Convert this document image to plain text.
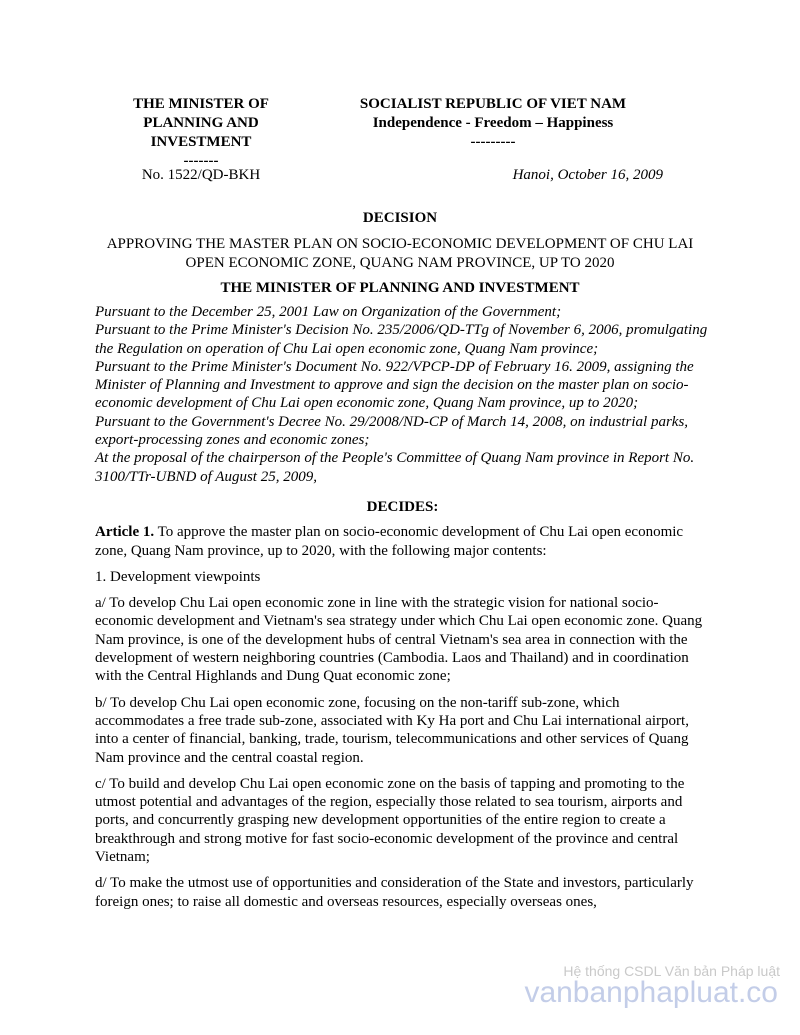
THE MINISTER OF
PLANNING AND
INVESTMENT
-------
SOCIALIST REPUBLIC OF VIET NAM
Independence - Freedom – Happiness
---------
No. 1522/QD-BKH	Hanoi, October 16, 2009
DECISION
APPROVING THE MASTER PLAN ON SOCIO-ECONOMIC DEVELOPMENT OF CHU LAI OPEN ECONOMIC ZONE, QUANG NAM PROVINCE, UP TO 2020
THE MINISTER OF PLANNING AND INVESTMENT

Pursuant to the December 25, 2001 Law on Organization of the Government;

Pursuant to the Prime Minister's Decision No. 235/2006/QD-TTg of November 6, 2006, promulgating the Regulation on operation of Chu Lai open economic zone, Quang Nam province;

Pursuant to the Prime Minister's Document No. 922/VPCP-DP of February 16. 2009, assigning the Minister of Planning and Investment to approve and sign the decision on the master plan on socio-economic development of Chu Lai open economic zone, Quang Nam province, up to 2020;

Pursuant to the Government's Decree No. 29/2008/ND-CP of March 14, 2008, on industrial parks, export-processing zones and economic zones;

At the proposal of the chairperson of the People's Committee of Quang Nam province in Report No. 3100/TTr-UBND of August 25, 2009,

DECIDES:

Article 1. To approve the master plan on socio-economic development of Chu Lai open economic zone, Quang Nam province, up to 2020, with the following major contents:

1. Development viewpoints

a/ To develop Chu Lai open economic zone in line with the strategic vision for national socio-economic development and Vietnam's sea strategy under which Chu Lai open economic zone. Quang Nam province, is one of the development hubs of central Vietnam's sea area in connection with the development of western neighboring countries (Cambodia. Laos and Thailand) and in coordination with the Central Highlands and Dung Quat economic zone;

b/ To develop Chu Lai open economic zone, focusing on the non-tariff sub-zone, which accommodates a free trade sub-zone, associated with Ky Ha port and Chu Lai international airport, into a center of financial, banking, trade, tourism, telecommunications and other services of Quang Nam province and the central coastal region.

c/ To build and develop Chu Lai open economic zone on the basis of tapping and promoting to the utmost potential and advantages of the region, especially those related to sea tourism, airports and ports, and concurrently grasping new development opportunities of the entire region to create a breakthrough and strong motive for fast socio-economic development of the province and central Vietnam;

d/ To make the utmost use of opportunities and consideration of the State and investors, particularly foreign ones; to raise all domestic and overseas resources, especially overseas ones,

Hệ thống CSDL Văn bản Pháp luật
vanbanphapluat.co
